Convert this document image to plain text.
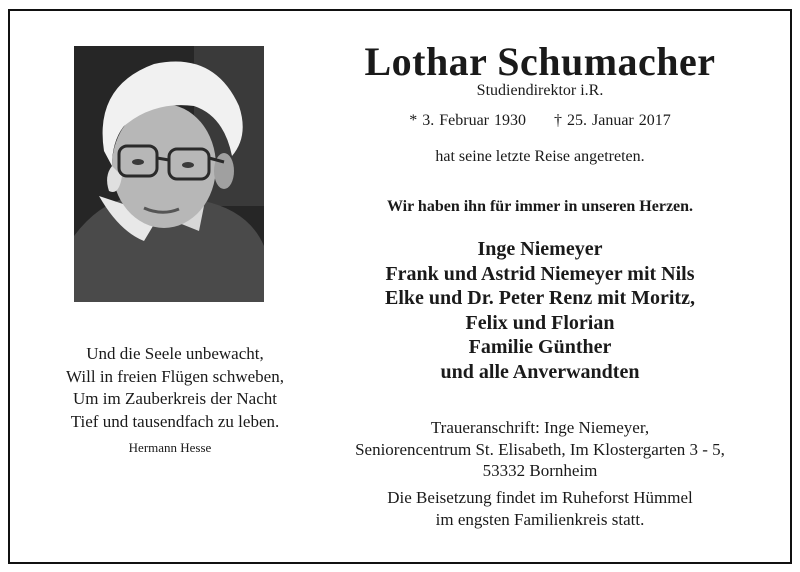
Und die Seele unbewacht,
Will in freien Flügen schweben,
Um im Zauberkreis der Nacht
Tief und tausendfach zu leben.
Hermann Hesse
Lothar Schumacher
Studiendirektor i.R.
* 3. Februar 1930 † 25. Januar 2017
hat seine letzte Reise angetreten.
Wir haben ihn für immer in unseren Herzen.
Inge Niemeyer
Frank und Astrid Niemeyer mit Nils
Elke und Dr. Peter Renz mit Moritz,
Felix und Florian
Familie Günther
und alle Anverwandten
Traueranschrift: Inge Niemeyer,
Seniorencentrum St. Elisabeth, Im Klostergarten 3 - 5,
53332 Bornheim
Die Beisetzung findet im Ruheforst Hümmel
im engsten Familienkreis statt.
